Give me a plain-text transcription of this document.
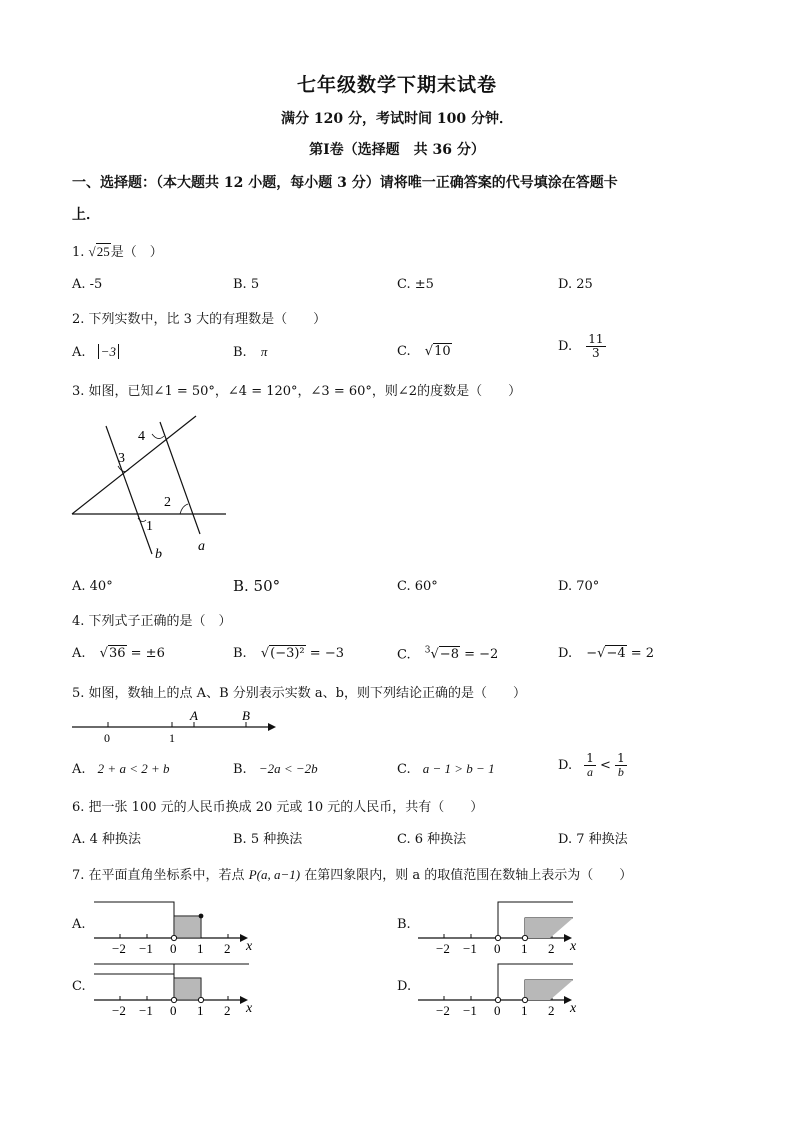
七年级数学下期末试卷
满分 120 分，考试时间 100 分钟．
第Ⅰ卷（选择题　共 36 分）
一、选择题：（本大题共 12 小题，每小题 3 分）请将唯一正确答案的代号填涂在答题卡
上．
1. √25是（　）
A. -5	B. 5	C. ±5	D. 25
2. 下列实数中，比 3 大的有理数是（　　）
A. −3	B. π	C. √10	D. $\frac{11}{3}$
3. 如图，已知∠1 = 50°，∠4 = 120°，∠3 = 60°，则∠2的度数是（　　）
4
3
2
1
b
a
A. 40°	B. 50°	C. 60°	D. 70°
4. 下列式子正确的是（　）
A. √36 = ±6	B. √(−3)² = −3	C. $^3$√−8 = −2	D. −√−4 = 2
5. 如图，数轴上的点 A、B 分别表示实数 a、b，则下列结论正确的是（　　）
A	B
0	1
A. 2 + a < 2 + b	B. −2a < −2b	C. a − 1 > b − 1	D. $\frac{1}{a} < \frac{1}{b}$
6. 把一张 100 元的人民币换成 20 元或 10 元的人民币，共有（　　）
A. 4 种换法	B. 5 种换法	C. 6 种换法	D. 7 种换法
7. 在平面直角坐标系中，若点 P(a, a−1) 在第四象限内，则 a 的取值范围在数轴上表示为（　　）
A.	B.
C.	D.
−2 −1 0 1 2 x	−2 −1 0 1 2 x
−2 −1 0 1 2 x	−2 −1 0 1 2 x
